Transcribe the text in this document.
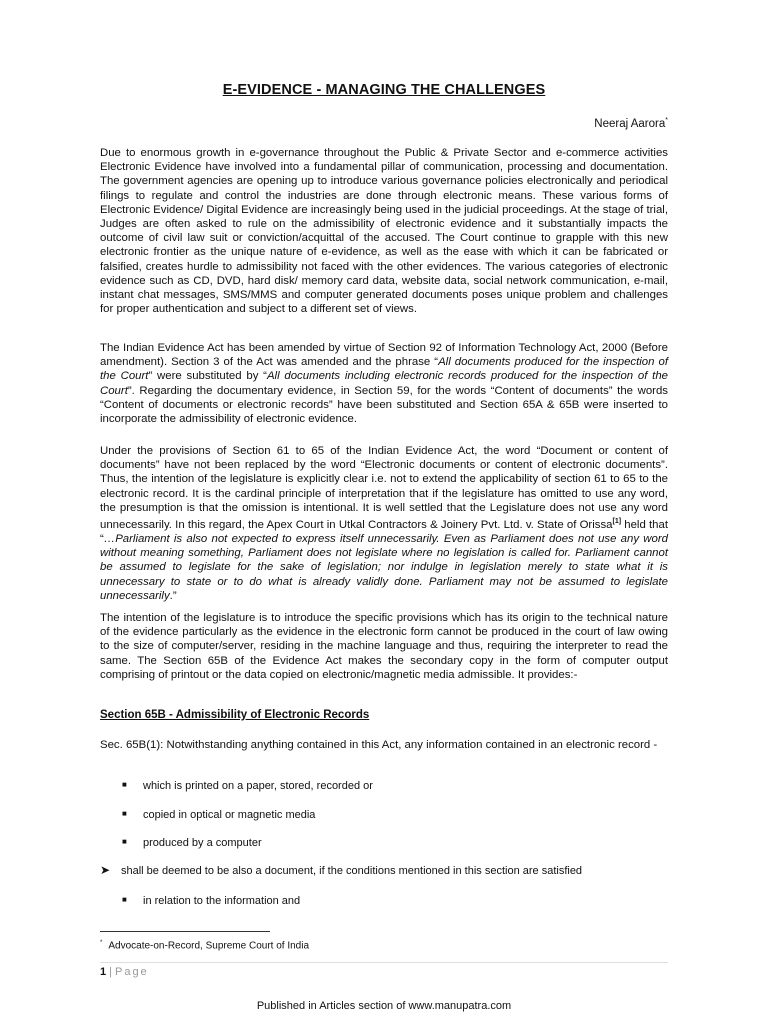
E-EVIDENCE - MANAGING THE CHALLENGES
Neeraj Aarora*

Due to enormous growth in e-governance throughout the Public & Private Sector and e-commerce activities Electronic Evidence have involved into a fundamental pillar of communication, processing and documentation. The government agencies are opening up to introduce various governance policies electronically and periodical filings to regulate and control the industries are done through electronic means. These various forms of Electronic Evidence/ Digital Evidence are increasingly being used in the judicial proceedings. At the stage of trial, Judges are often asked to rule on the admissibility of electronic evidence and it substantially impacts the outcome of civil law suit or conviction/acquittal of the accused. The Court continue to grapple with this new electronic frontier as the unique nature of e-evidence, as well as the ease with which it can be fabricated or falsified, creates hurdle to admissibility not faced with the other evidences. The various categories of electronic evidence such as CD, DVD, hard disk/ memory card data, website data, social network communication, e-mail, instant chat messages, SMS/MMS and computer generated documents poses unique problem and challenges for proper authentication and subject to a different set of views.

The Indian Evidence Act has been amended by virtue of Section 92 of Information Technology Act, 2000 (Before amendment). Section 3 of the Act was amended and the phrase “All documents produced for the inspection of the Court” were substituted by “All documents including electronic records produced for the inspection of the Court”. Regarding the documentary evidence, in Section 59, for the words “Content of documents” the words “Content of documents or electronic records” have been substituted and Section 65A & 65B were inserted to incorporate the admissibility of electronic evidence.

Under the provisions of Section 61 to 65 of the Indian Evidence Act, the word “Document or content of documents” have not been replaced by the word “Electronic documents or content of electronic documents”. Thus, the intention of the legislature is explicitly clear i.e. not to extend the applicability of section 61 to 65 to the electronic record. It is the cardinal principle of interpretation that if the legislature has omitted to use any word, the presumption is that the omission is intentional. It is well settled that the Legislature does not use any word unnecessarily. In this regard, the Apex Court in Utkal Contractors & Joinery Pvt. Ltd. v. State of Orissa[1] held that “…Parliament is also not expected to express itself unnecessarily. Even as Parliament does not use any word without meaning something, Parliament does not legislate where no legislation is called for. Parliament cannot be assumed to legislate for the sake of legislation; nor indulge in legislation merely to state what it is unnecessary to state or to do what is already validly done. Parliament may not be assumed to legislate unnecessarily.”

The intention of the legislature is to introduce the specific provisions which has its origin to the technical nature of the evidence particularly as the evidence in the electronic form cannot be produced in the court of law owing to the size of computer/server, residing in the machine language and thus, requiring the interpreter to read the same. The Section 65B of the Evidence Act makes the secondary copy in the form of computer output comprising of printout or the data copied on electronic/magnetic media admissible. It provides:-

Section 65B - Admissibility of Electronic Records

Sec. 65B(1): Notwithstanding anything contained in this Act, any information contained in an electronic record -

■ which is printed on a paper, stored, recorded or
■ copied in optical or magnetic media
■ produced by a computer
➤ shall be deemed to be also a document, if the conditions mentioned in this section are satisfied
■ in relation to the information and
* Advocate-on-Record, Supreme Court of India
1 | Page
Published in Articles section of www.manupatra.com
